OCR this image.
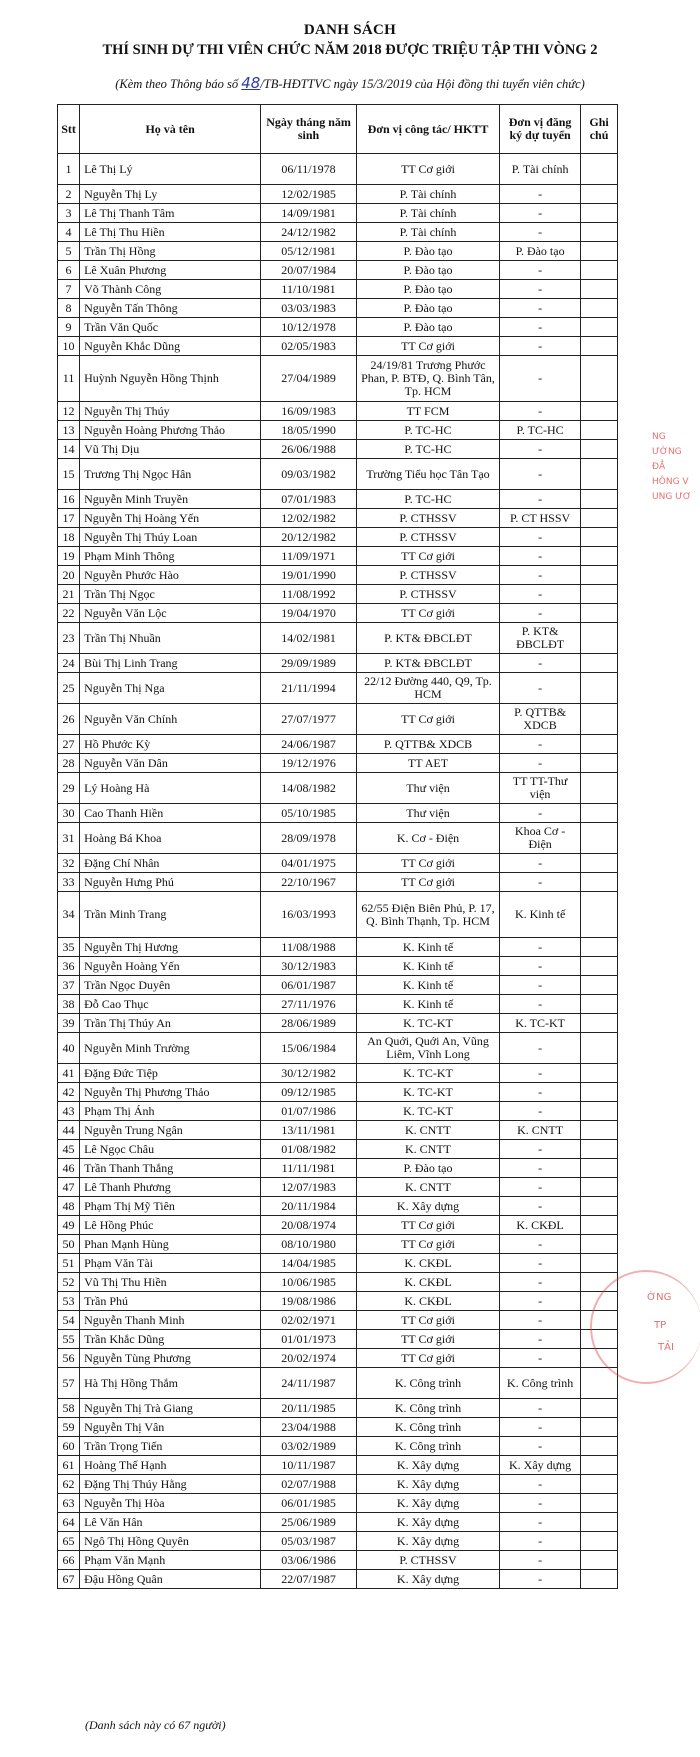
DANH SÁCH
THÍ SINH DỰ THI VIÊN CHỨC NĂM 2018 ĐƯỢC TRIỆU TẬP THI VÒNG 2
(Kèm theo Thông báo số 48/TB-HĐTTVC ngày 15/3/2019 của Hội đồng thi tuyển viên chức)
Stt	Họ và tên	Ngày tháng năm sinh	Đơn vị công tác/ HKTT	Đơn vị đăng ký dự tuyển	Ghi chú
1	Lê Thị Lý	06/11/1978	TT Cơ giới	P. Tài chính	
2	Nguyễn Thị Ly	12/02/1985	P. Tài chính	-	
3	Lê Thị Thanh Tâm	14/09/1981	P. Tài chính	-	
4	Lê Thị Thu Hiền	24/12/1982	P. Tài chính	-	
5	Trần Thị Hồng	05/12/1981	P. Đào tạo	P. Đào tạo	
6	Lê Xuân Phương	20/07/1984	P. Đào tạo	-	
7	Võ Thành Công	11/10/1981	P. Đào tạo	-	
8	Nguyễn Tấn Thông	03/03/1983	P. Đào tạo	-	
9	Trần Văn Quốc	10/12/1978	P. Đào tạo	-	
10	Nguyễn Khắc Dũng	02/05/1983	TT Cơ giới	-	
11	Huỳnh Nguyễn Hồng Thịnh	27/04/1989	24/19/81 Trương Phước Phan, P. BTĐ, Q. Bình Tân, Tp. HCM	-	
12	Nguyễn Thị Thúy	16/09/1983	TT FCM	-	
13	Nguyễn Hoàng Phương Thảo	18/05/1990	P. TC-HC	P. TC-HC	
14	Vũ Thị Dịu	26/06/1988	P. TC-HC	-	
15	Trương Thị Ngọc Hân	09/03/1982	Trường Tiểu học Tân Tạo	-	
16	Nguyễn Minh Truyền	07/01/1983	P. TC-HC	-	
17	Nguyễn Thị Hoàng Yến	12/02/1982	P. CTHSSV	P. CT HSSV	
18	Nguyễn Thị Thúy Loan	20/12/1982	P. CTHSSV	-	
19	Phạm Minh Thông	11/09/1971	TT Cơ giới	-	
20	Nguyễn Phước Hào	19/01/1990	P. CTHSSV	-	
21	Trần Thị Ngọc	11/08/1992	P. CTHSSV	-	
22	Nguyễn Văn Lộc	19/04/1970	TT Cơ giới	-	
23	Trần Thị Nhuần	14/02/1981	P. KT& ĐBCLĐT	P. KT& ĐBCLĐT	
24	Bùi Thị Linh Trang	29/09/1989	P. KT& ĐBCLĐT	-	
25	Nguyễn Thị Nga	21/11/1994	22/12 Đường 440, Q9, Tp. HCM	-	
26	Nguyễn Văn Chính	27/07/1977	TT Cơ giới	P. QTTB& XDCB	
27	Hồ Phước Kỳ	24/06/1987	P. QTTB& XDCB	-	
28	Nguyễn Văn Dân	19/12/1976	TT AET	-	
29	Lý Hoàng Hà	14/08/1982	Thư viện	TT TT-Thư viện	
30	Cao Thanh Hiền	05/10/1985	Thư viện	-	
31	Hoàng Bá Khoa	28/09/1978	K. Cơ - Điện	Khoa Cơ - Điện	
32	Đặng Chí Nhân	04/01/1975	TT Cơ giới	-	
33	Nguyễn Hưng Phú	22/10/1967	TT Cơ giới	-	
34	Trần Minh Trang	16/03/1993	62/55 Điện Biên Phủ, P. 17, Q. Bình Thạnh, Tp. HCM	K. Kinh tế	
35	Nguyễn Thị Hương	11/08/1988	K. Kinh tế	-	
36	Nguyễn Hoàng Yến	30/12/1983	K. Kinh tế	-	
37	Trần Ngọc Duyên	06/01/1987	K. Kinh tế	-	
38	Đỗ Cao Thục	27/11/1976	K. Kinh tế	-	
39	Trần Thị Thúy An	28/06/1989	K. TC-KT	K. TC-KT	
40	Nguyễn Minh Trường	15/06/1984	An Quới, Quới An, Vũng Liêm, Vĩnh Long	-	
41	Đặng Đức Tiệp	30/12/1982	K. TC-KT	-	
42	Nguyễn Thị Phương Thảo	09/12/1985	K. TC-KT	-	
43	Phạm Thị Ánh	01/07/1986	K. TC-KT	-	
44	Nguyễn Trung Ngân	13/11/1981	K. CNTT	K. CNTT	
45	Lê Ngọc Châu	01/08/1982	K. CNTT	-	
46	Trần Thanh Thắng	11/11/1981	P. Đào tạo	-	
47	Lê Thanh Phương	12/07/1983	K. CNTT	-	
48	Phạm Thị Mỹ Tiên	20/11/1984	K. Xây dựng	-	
49	Lê Hồng Phúc	20/08/1974	TT Cơ giới	K. CKĐL	
50	Phan Mạnh Hùng	08/10/1980	TT Cơ giới	-	
51	Phạm Văn Tài	14/04/1985	K. CKĐL	-	
52	Vũ Thị Thu Hiền	10/06/1985	K. CKĐL	-	
53	Trần Phú	19/08/1986	K. CKĐL	-	
54	Nguyễn Thanh Minh	02/02/1971	TT Cơ giới	-	
55	Trần Khắc Dũng	01/01/1973	TT Cơ giới	-	
56	Nguyễn Tùng Phương	20/02/1974	TT Cơ giới	-	
57	Hà Thị Hồng Thắm	24/11/1987	K. Công trình	K. Công trình	
58	Nguyễn Thị Trà Giang	20/11/1985	K. Công trình	-	
59	Nguyễn Thị Vân	23/04/1988	K. Công trình	-	
60	Trần Trọng Tiến	03/02/1989	K. Công trình	-	
61	Hoàng Thế Hạnh	10/11/1987	K. Xây dựng	K. Xây dựng	
62	Đặng Thị Thúy Hằng	02/07/1988	K. Xây dựng	-	
63	Nguyễn Thị Hòa	06/01/1985	K. Xây dựng	-	
64	Lê Văn Hân	25/06/1989	K. Xây dựng	-	
65	Ngô Thị Hồng Quyên	05/03/1987	K. Xây dựng	-	
66	Phạm Văn Mạnh	03/06/1986	P. CTHSSV	-	
67	Đậu Hồng Quân	22/07/1987	K. Xây dựng	-	
(Danh sách này có 67 người)
NG
ƯỜNG
ĐẲ
HÔNG V
UNG ƯƠ
ỜNG
TP
TẢI
